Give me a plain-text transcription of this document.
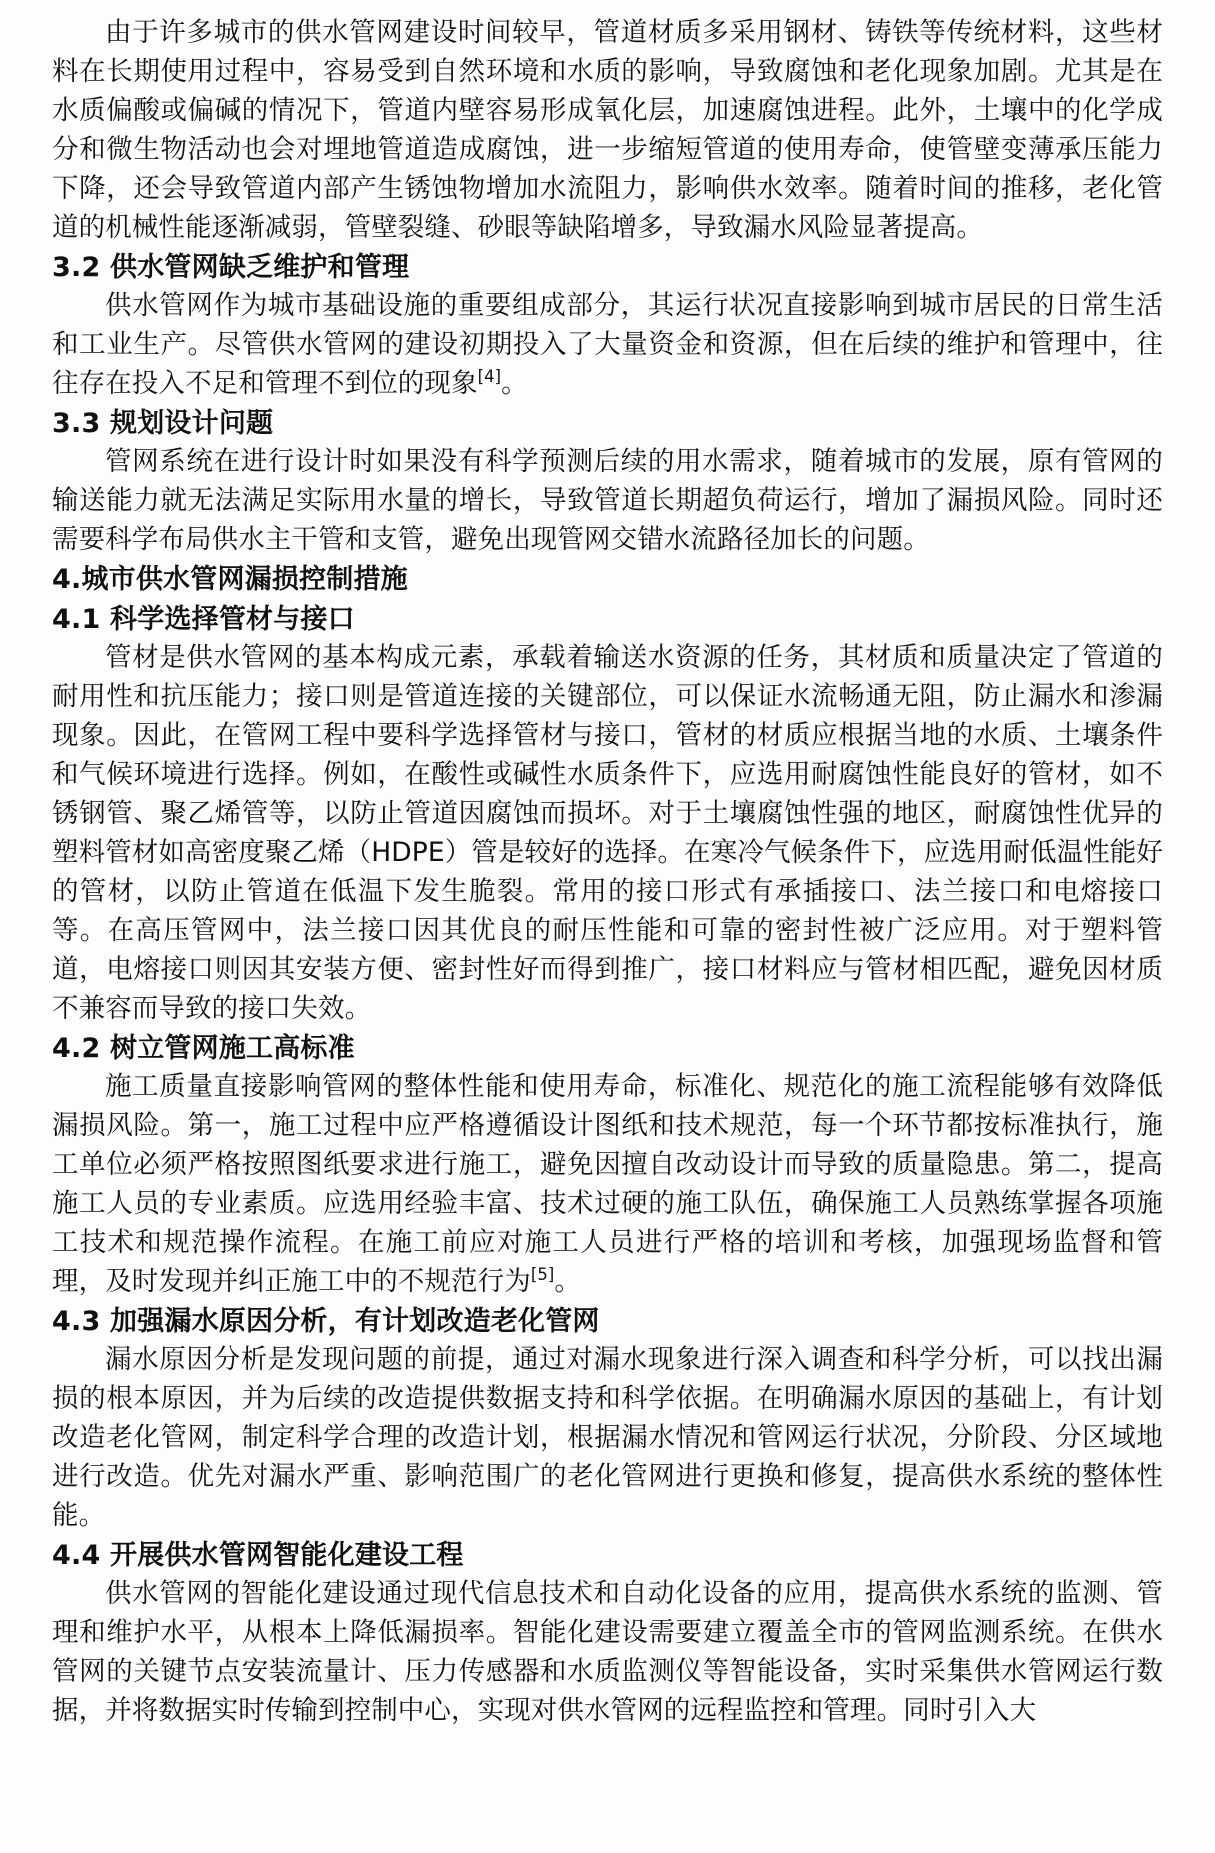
由于许多城市的供水管网建设时间较早，管道材质多采用钢材、铸铁等传统材料，这些材料在长期使用过程中，容易受到自然环境和水质的影响，导致腐蚀和老化现象加剧。尤其是在水质偏酸或偏碱的情况下，管道内壁容易形成氧化层，加速腐蚀进程。此外，土壤中的化学成分和微生物活动也会对埋地管道造成腐蚀，进一步缩短管道的使用寿命，使管壁变薄承压能力下降，还会导致管道内部产生锈蚀物增加水流阻力，影响供水效率。随着时间的推移，老化管道的机械性能逐渐减弱，管壁裂缝、砂眼等缺陷增多，导致漏水风险显著提高。

3.2 供水管网缺乏维护和管理

供水管网作为城市基础设施的重要组成部分，其运行状况直接影响到城市居民的日常生活和工业生产。尽管供水管网的建设初期投入了大量资金和资源，但在后续的维护和管理中，往往存在投入不足和管理不到位的现象[4]。

3.3 规划设计问题

管网系统在进行设计时如果没有科学预测后续的用水需求，随着城市的发展，原有管网的输送能力就无法满足实际用水量的增长，导致管道长期超负荷运行，增加了漏损风险。同时还需要科学布局供水主干管和支管，避免出现管网交错水流路径加长的问题。

4.城市供水管网漏损控制措施
4.1 科学选择管材与接口

管材是供水管网的基本构成元素，承载着输送水资源的任务，其材质和质量决定了管道的耐用性和抗压能力；接口则是管道连接的关键部位，可以保证水流畅通无阻，防止漏水和渗漏现象。因此，在管网工程中要科学选择管材与接口，管材的材质应根据当地的水质、土壤条件和气候环境进行选择。例如，在酸性或碱性水质条件下，应选用耐腐蚀性能良好的管材，如不锈钢管、聚乙烯管等，以防止管道因腐蚀而损坏。对于土壤腐蚀性强的地区，耐腐蚀性优异的塑料管材如高密度聚乙烯（HDPE）管是较好的选择。在寒冷气候条件下，应选用耐低温性能好的管材，以防止管道在低温下发生脆裂。常用的接口形式有承插接口、法兰接口和电熔接口等。在高压管网中，法兰接口因其优良的耐压性能和可靠的密封性被广泛应用。对于塑料管道，电熔接口则因其安装方便、密封性好而得到推广，接口材料应与管材相匹配，避免因材质不兼容而导致的接口失效。

4.2 树立管网施工高标准

施工质量直接影响管网的整体性能和使用寿命，标准化、规范化的施工流程能够有效降低漏损风险。第一，施工过程中应严格遵循设计图纸和技术规范，每一个环节都按标准执行，施工单位必须严格按照图纸要求进行施工，避免因擅自改动设计而导致的质量隐患。第二，提高施工人员的专业素质。应选用经验丰富、技术过硬的施工队伍，确保施工人员熟练掌握各项施工技术和规范操作流程。在施工前应对施工人员进行严格的培训和考核，加强现场监督和管理，及时发现并纠正施工中的不规范行为[5]。

4.3 加强漏水原因分析，有计划改造老化管网

漏水原因分析是发现问题的前提，通过对漏水现象进行深入调查和科学分析，可以找出漏损的根本原因，并为后续的改造提供数据支持和科学依据。在明确漏水原因的基础上，有计划改造老化管网，制定科学合理的改造计划，根据漏水情况和管网运行状况，分阶段、分区域地进行改造。优先对漏水严重、影响范围广的老化管网进行更换和修复，提高供水系统的整体性能。

4.4 开展供水管网智能化建设工程

供水管网的智能化建设通过现代信息技术和自动化设备的应用，提高供水系统的监测、管理和维护水平，从根本上降低漏损率。智能化建设需要建立覆盖全市的管网监测系统。在供水管网的关键节点安装流量计、压力传感器和水质监测仪等智能设备，实时采集供水管网运行数据，并将数据实时传输到控制中心，实现对供水管网的远程监控和管理。同时引入大
